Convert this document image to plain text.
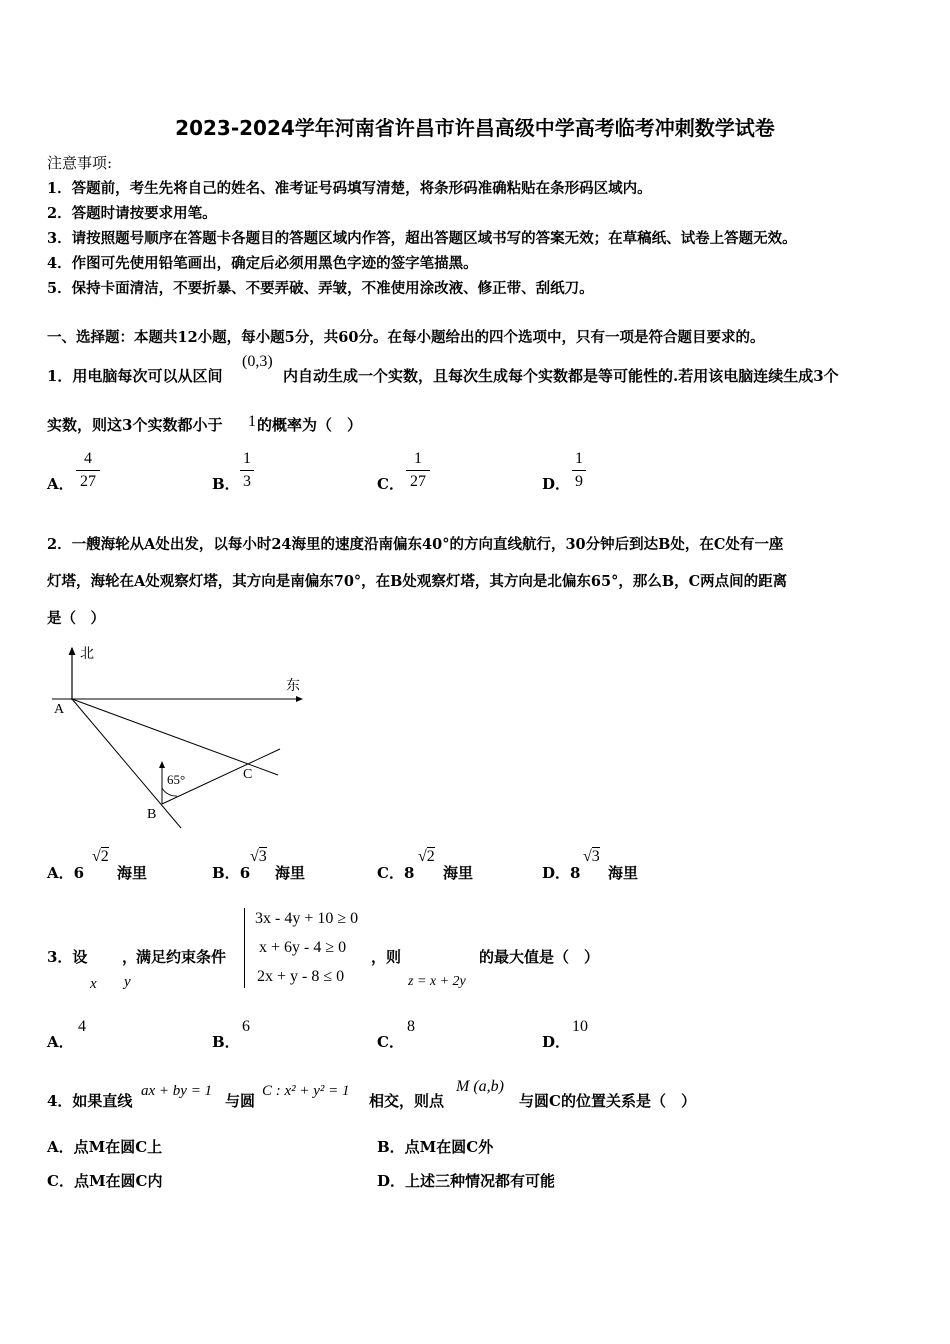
2023-2024学年河南省许昌市许昌高级中学高考临考冲刺数学试卷
注意事项:
1．答题前，考生先将自己的姓名、准考证号码填写清楚，将条形码准确粘贴在条形码区域内。
2．答题时请按要求用笔。
3．请按照题号顺序在答题卡各题目的答题区域内作答，超出答题区域书写的答案无效；在草稿纸、试卷上答题无效。
4．作图可先使用铅笔画出，确定后必须用黑色字迹的签字笔描黑。
5．保持卡面清洁，不要折暴、不要弄破、弄皱，不准使用涂改液、修正带、刮纸刀。
一、选择题：本题共12小题，每小题5分，共60分。在每小题给出的四个选项中，只有一项是符合题目要求的。
1．用电脑每次可以从区间
(0,3)
内自动生成一个实数，且每次生成每个实数都是等可能性的.若用该电脑连续生成3个
实数，则这3个实数都小于 1 的概率为（　）
A．
4
27	B．
1
3	C．
1
27	D．
1
9
2．一艘海轮从A处出发，以每小时24海里的速度沿南偏东40°的方向直线航行，30分钟后到达B处，在C处有一座
灯塔，海轮在A处观察灯塔，其方向是南偏东70°，在B处观察灯塔，其方向是北偏东65°，那么B，C两点间的距离
是（　）
北
东
A
B
C
65°
A．6
√2
海里	B．6
√3
海里	C．8
√2
海里	D．8
√3
海里
3．设 ，
x y
满足约束条件
3x - 4y + 10 ≥ 0
x + 6y - 4 ≥ 0
2x + y - 8 ≤ 0
，则
z = x + 2y
的最大值是（　）
A．
4
B．
6
C．
8
D．
10
4．如果直线
ax + by = 1
与圆
C : x² + y² = 1
相交，则点
M (a,b)
与圆C的位置关系是（　）
A．点M在圆C上	B．点M在圆C外
C．点M在圆C内	D．上述三种情况都有可能
